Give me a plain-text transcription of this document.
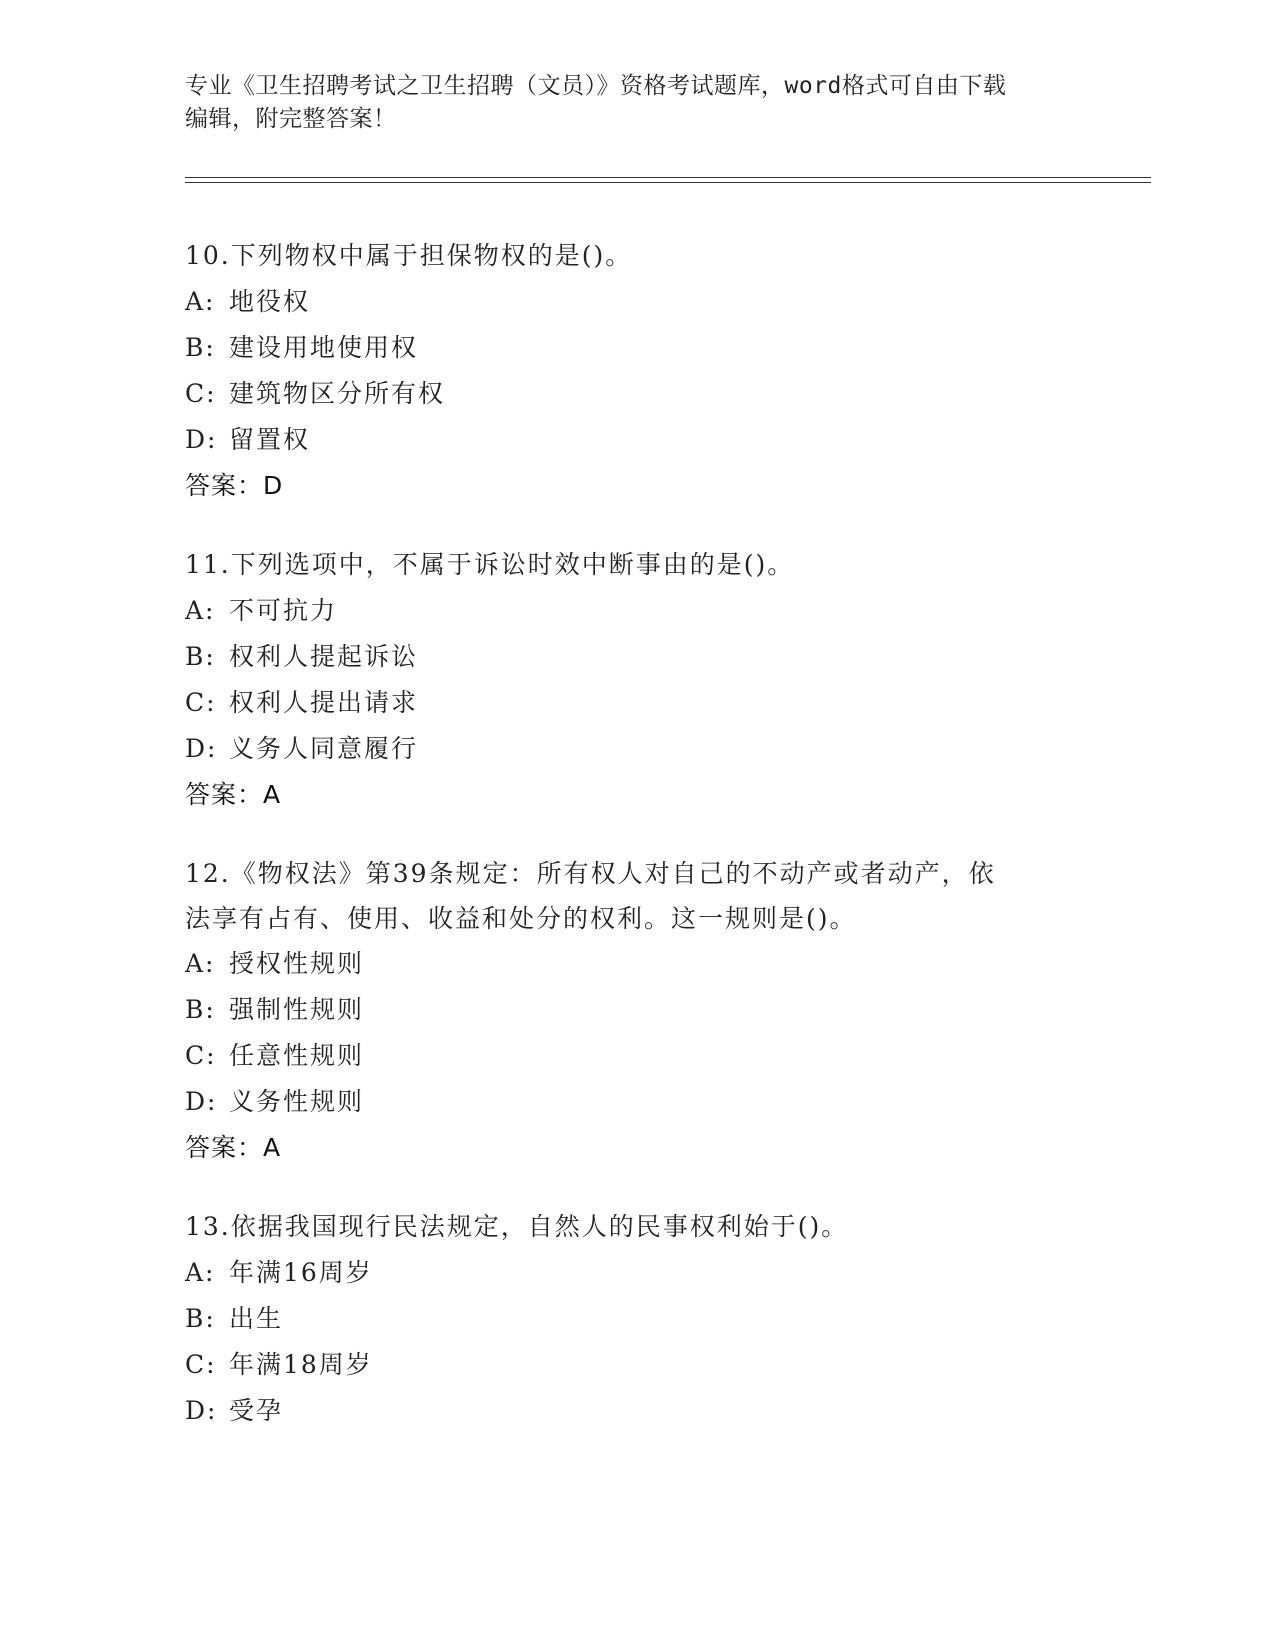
专业《卫生招聘考试之卫生招聘（文员）》资格考试题库，word格式可自由下载
编辑，附完整答案！
10.下列物权中属于担保物权的是()。
A: 地役权
B: 建设用地使用权
C: 建筑物区分所有权
D: 留置权
答案：D
11.下列选项中，不属于诉讼时效中断事由的是()。
A: 不可抗力
B: 权利人提起诉讼
C: 权利人提出请求
D: 义务人同意履行
答案：A
12.《物权法》第39条规定：所有权人对自己的不动产或者动产，依
法享有占有、使用、收益和处分的权利。这一规则是()。
A: 授权性规则
B: 强制性规则
C: 任意性规则
D: 义务性规则
答案：A
13.依据我国现行民法规定，自然人的民事权利始于()。
A: 年满16周岁
B: 出生
C: 年满18周岁
D: 受孕
